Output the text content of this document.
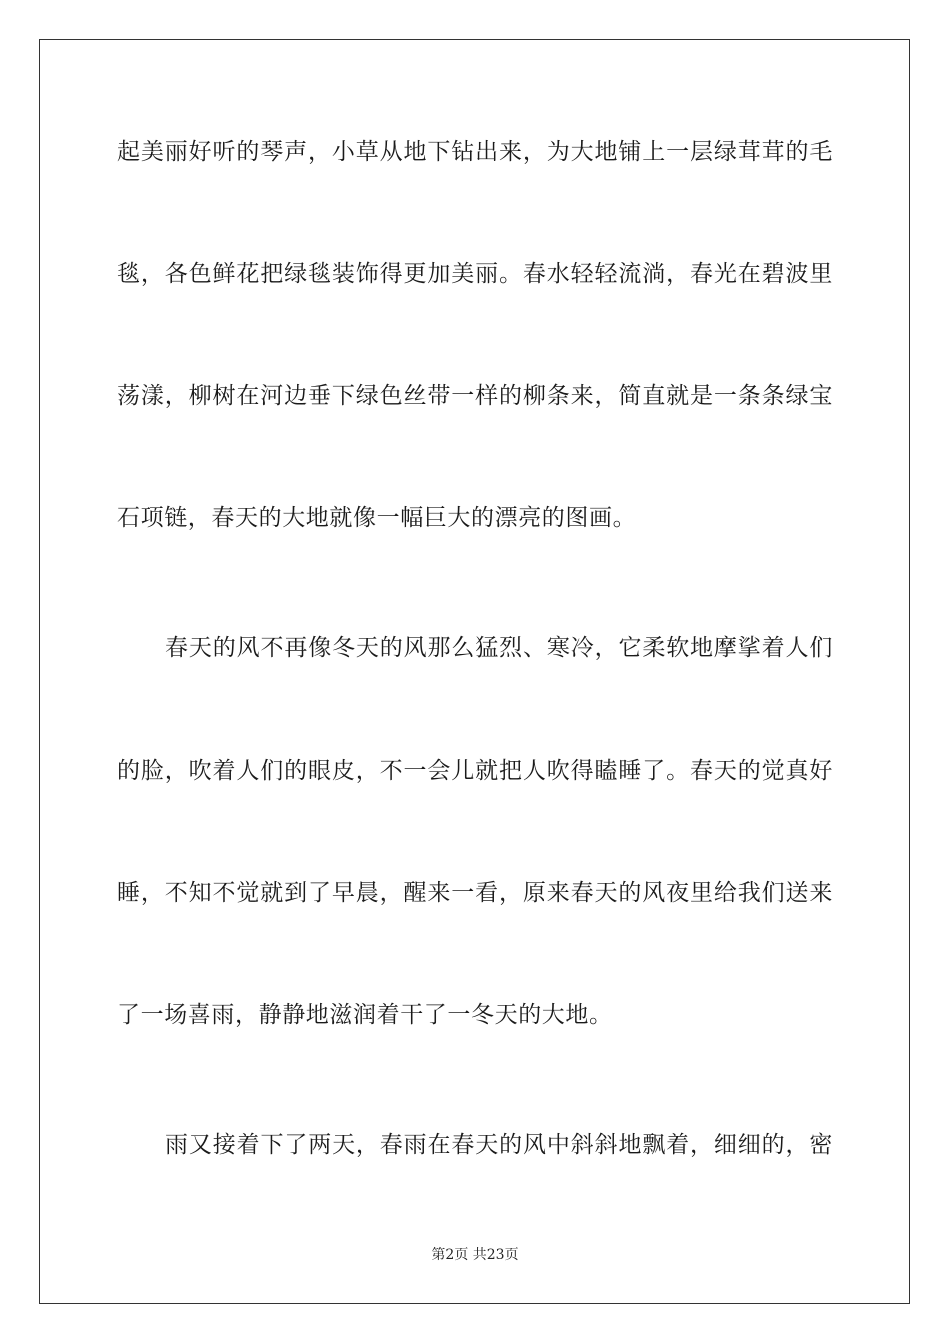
起美丽好听的琴声，小草从地下钻出来，为大地铺上一层绿茸茸的毛
毯，各色鲜花把绿毯装饰得更加美丽。春水轻轻流淌，春光在碧波里
荡漾，柳树在河边垂下绿色丝带一样的柳条来，简直就是一条条绿宝
石项链，春天的大地就像一幅巨大的漂亮的图画。
春天的风不再像冬天的风那么猛烈、寒冷，它柔软地摩挲着人们
的脸，吹着人们的眼皮，不一会儿就把人吹得瞌睡了。春天的觉真好
睡，不知不觉就到了早晨，醒来一看，原来春天的风夜里给我们送来
了一场喜雨，静静地滋润着干了一冬天的大地。
雨又接着下了两天，春雨在春天的风中斜斜地飘着，细细的，密
第2页 共23页
